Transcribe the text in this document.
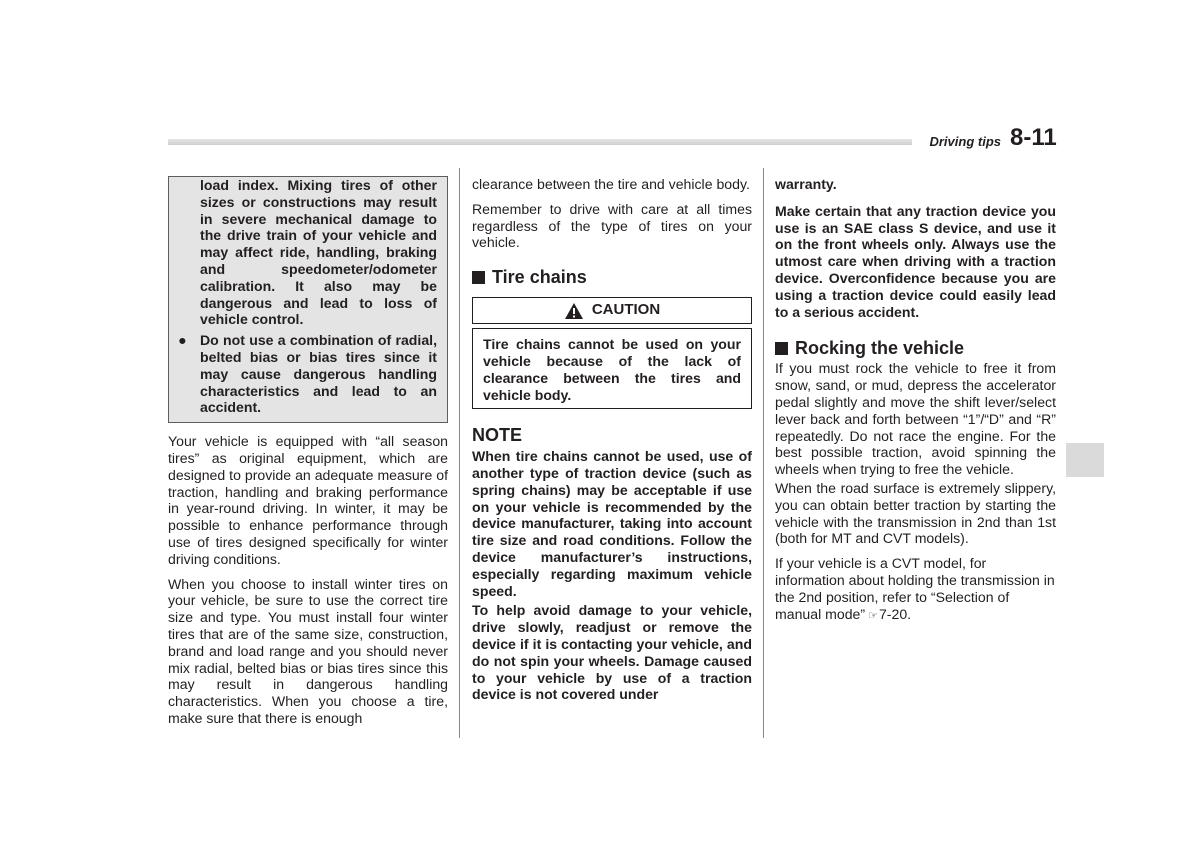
Driving tips 8-11

load index. Mixing tires of other sizes or constructions may result in severe mechanical damage to the drive train of your vehicle and may affect ride, handling, braking and speedometer/odometer calibration. It also may be dangerous and lead to loss of vehicle control.

● Do not use a combination of radial, belted bias or bias tires since it may cause dangerous handling characteristics and lead to an accident.

Your vehicle is equipped with “all season tires” as original equipment, which are designed to provide an adequate measure of traction, handling and braking performance in year-round driving. In winter, it may be possible to enhance performance through use of tires designed specifically for winter driving conditions.

When you choose to install winter tires on your vehicle, be sure to use the correct tire size and type. You must install four winter tires that are of the same size, construction, brand and load range and you should never mix radial, belted bias or bias tires since this may result in dangerous handling characteristics. When you choose a tire, make sure that there is enough

clearance between the tire and vehicle body.

Remember to drive with care at all times regardless of the type of tires on your vehicle.

Tire chains
CAUTION
Tire chains cannot be used on your vehicle because of the lack of clearance between the tires and vehicle body.
NOTE

When tire chains cannot be used, use of another type of traction device (such as spring chains) may be acceptable if use on your vehicle is recommended by the device manufacturer, taking into account tire size and road conditions. Follow the device manufacturer’s instructions, especially regarding maximum vehicle speed.

To help avoid damage to your vehicle, drive slowly, readjust or remove the device if it is contacting your vehicle, and do not spin your wheels. Damage caused to your vehicle by use of a traction device is not covered under

warranty.

Make certain that any traction device you use is an SAE class S device, and use it on the front wheels only. Always use the utmost care when driving with a traction device. Overconfidence because you are using a traction device could easily lead to a serious accident.

Rocking the vehicle

If you must rock the vehicle to free it from snow, sand, or mud, depress the accelerator pedal slightly and move the shift lever/select lever back and forth between “1”/“D” and “R” repeatedly. Do not race the engine. For the best possible traction, avoid spinning the wheels when trying to free the vehicle.

When the road surface is extremely slippery, you can obtain better traction by starting the vehicle with the transmission in 2nd than 1st (both for MT and CVT models).

If your vehicle is a CVT model, for information about holding the transmission in the 2nd position, refer to “Selection of manual mode” ☞7-20.
